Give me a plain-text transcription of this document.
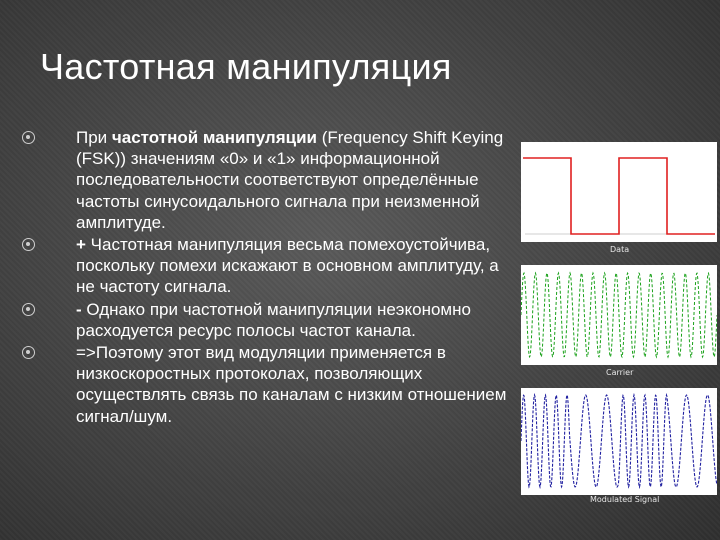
Частотная манипуляция
При частотной манипуляции (Frequency Shift Keying (FSK)) значениям «0» и «1» информационной последовательности соответствуют определённые частоты синусоидального сигнала при неизменной амплитуде.
+ Частотная манипуляция весьма помехоустойчива, поскольку помехи искажают в основном амплитуду, а не частоту сигнала.
- Однако при частотной манипуляции неэкономно расходуется ресурс полосы частот канала.
=>Поэтому этот вид модуляции применяется в низкоскоростных протоколах, позволяющих осуществлять связь по каналам с низким отношением сигнал/шум.
Data
Carrier
Modulated Signal
